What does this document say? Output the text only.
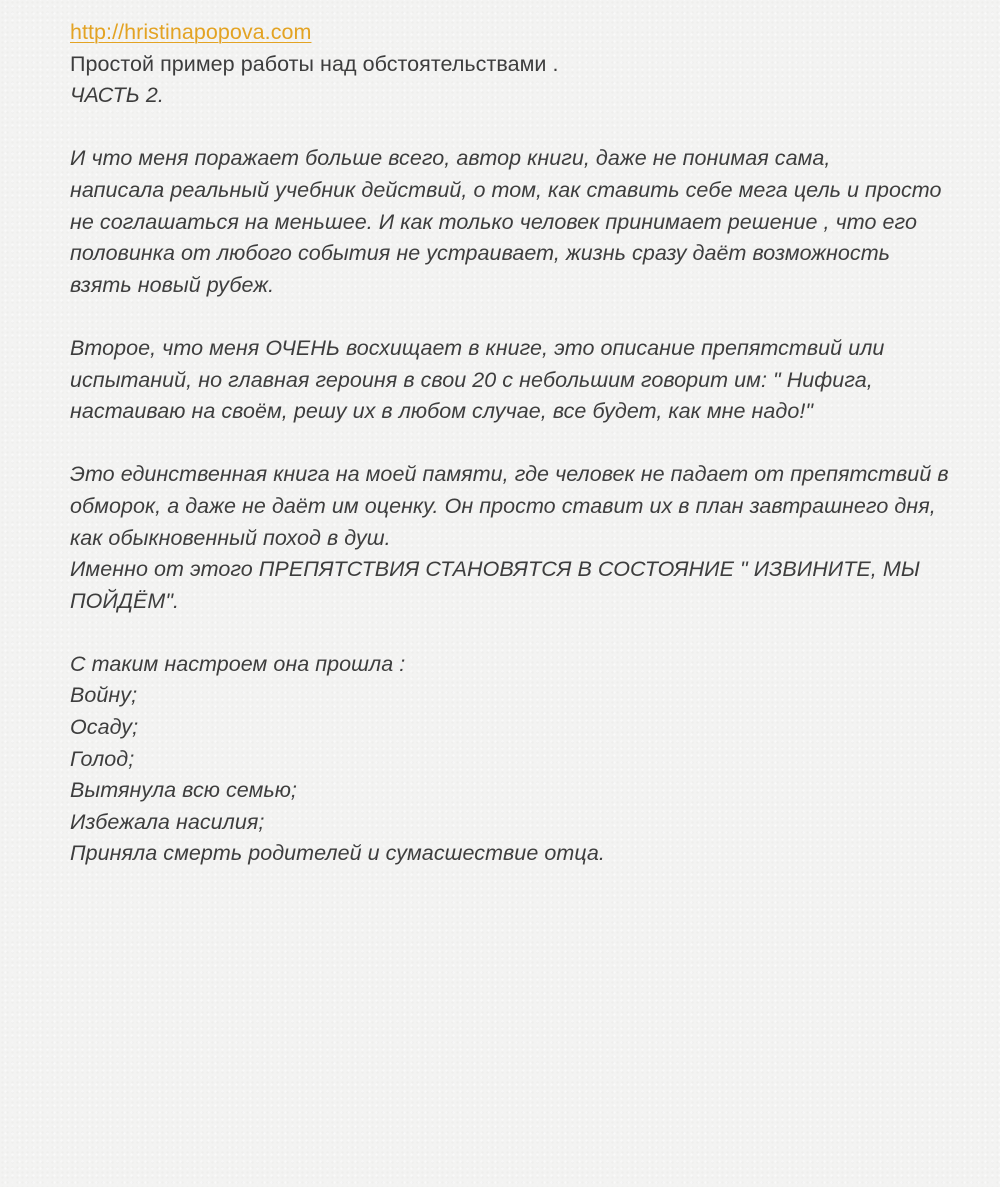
http://hristinapopova.com
Простой пример работы над обстоятельствами .
ЧАСТЬ 2.
И что меня поражает больше всего, автор книги, даже не понимая сама,
написала реальный учебник действий, о том, как ставить себе мега цель и просто
не соглашаться на меньшее. И как только человек принимает решение , что его
половинка от любого события не устраивает, жизнь сразу даёт возможность
взять новый рубеж.
Второе, что меня ОЧЕНЬ восхищает в книге, это описание препятствий или
испытаний, но главная героиня в свои 20 с небольшим говорит им: " Нифига,
настаиваю на своём, решу их в любом случае, все будет, как мне надо!"
Это единственная книга на моей памяти, где человек не падает от препятствий в
обморок, а даже не даёт им оценку. Он просто ставит их в план завтрашнего дня,
как обыкновенный поход в душ.
Именно от этого ПРЕПЯТСТВИЯ СТАНОВЯТСЯ В СОСТОЯНИЕ " ИЗВИНИТЕ, МЫ
ПОЙДЁМ".
С таким настроем она прошла :
Войну;
Осаду;
Голод;
Вытянула всю семью;
Избежала насилия;
Приняла смерть родителей и сумасшествие отца.
